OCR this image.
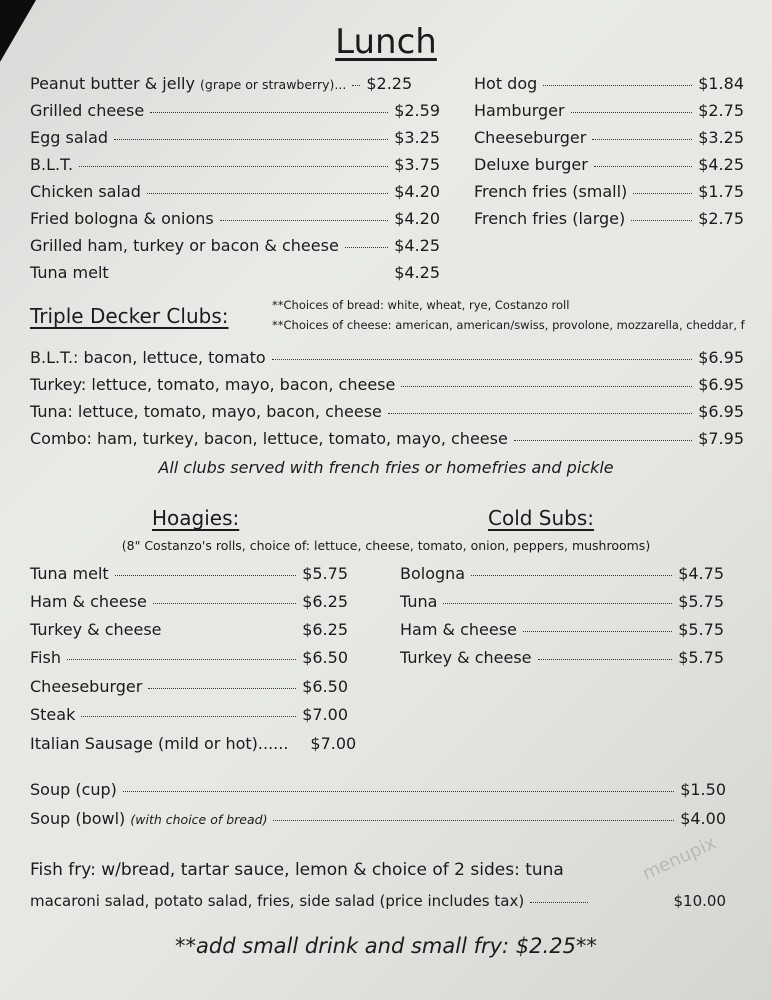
Lunch
Peanut butter & jelly (grape or strawberry)... $2.25
Grilled cheese	$2.59
Egg salad	$3.25
B.L.T.	$3.75
Chicken salad	$4.20
Fried bologna & onions	$4.20
Grilled ham, turkey or bacon & cheese	$4.25
Tuna melt	$4.25
Hot dog	$1.84
Hamburger	$2.75
Cheeseburger	$3.25
Deluxe burger	$4.25
French fries (small)	$1.75
French fries (large)	$2.75
Triple Decker Clubs:	**Choices of bread: white, wheat, rye, Costanzo roll
**Choices of cheese: american, american/swiss, provolone, mozzarella, cheddar, f
B.L.T.: bacon, lettuce, tomato	$6.95
Turkey: lettuce, tomato, mayo, bacon, cheese	$6.95
Tuna: lettuce, tomato, mayo, bacon, cheese	$6.95
Combo: ham, turkey, bacon, lettuce, tomato, mayo, cheese	$7.95
All clubs served with french fries or homefries and pickle
Hoagies:	Cold Subs:
(8" Costanzo's rolls, choice of: lettuce, cheese, tomato, onion, peppers, mushrooms)
Tuna melt	$5.75
Ham & cheese	$6.25
Turkey & cheese	$6.25
Fish	$6.50
Cheeseburger	$6.50
Steak	$7.00
Italian Sausage (mild or hot)...... $7.00
Bologna	$4.75
Tuna	$5.75
Ham & cheese	$5.75
Turkey & cheese	$5.75
Soup (cup)	$1.50
Soup (bowl) (with choice of bread)	$4.00
Fish fry: w/bread, tartar sauce, lemon & choice of 2 sides: tuna
macaroni salad, potato salad, fries, side salad (price includes tax)	$10.00
**add small drink and small fry: $2.25**
menupix
